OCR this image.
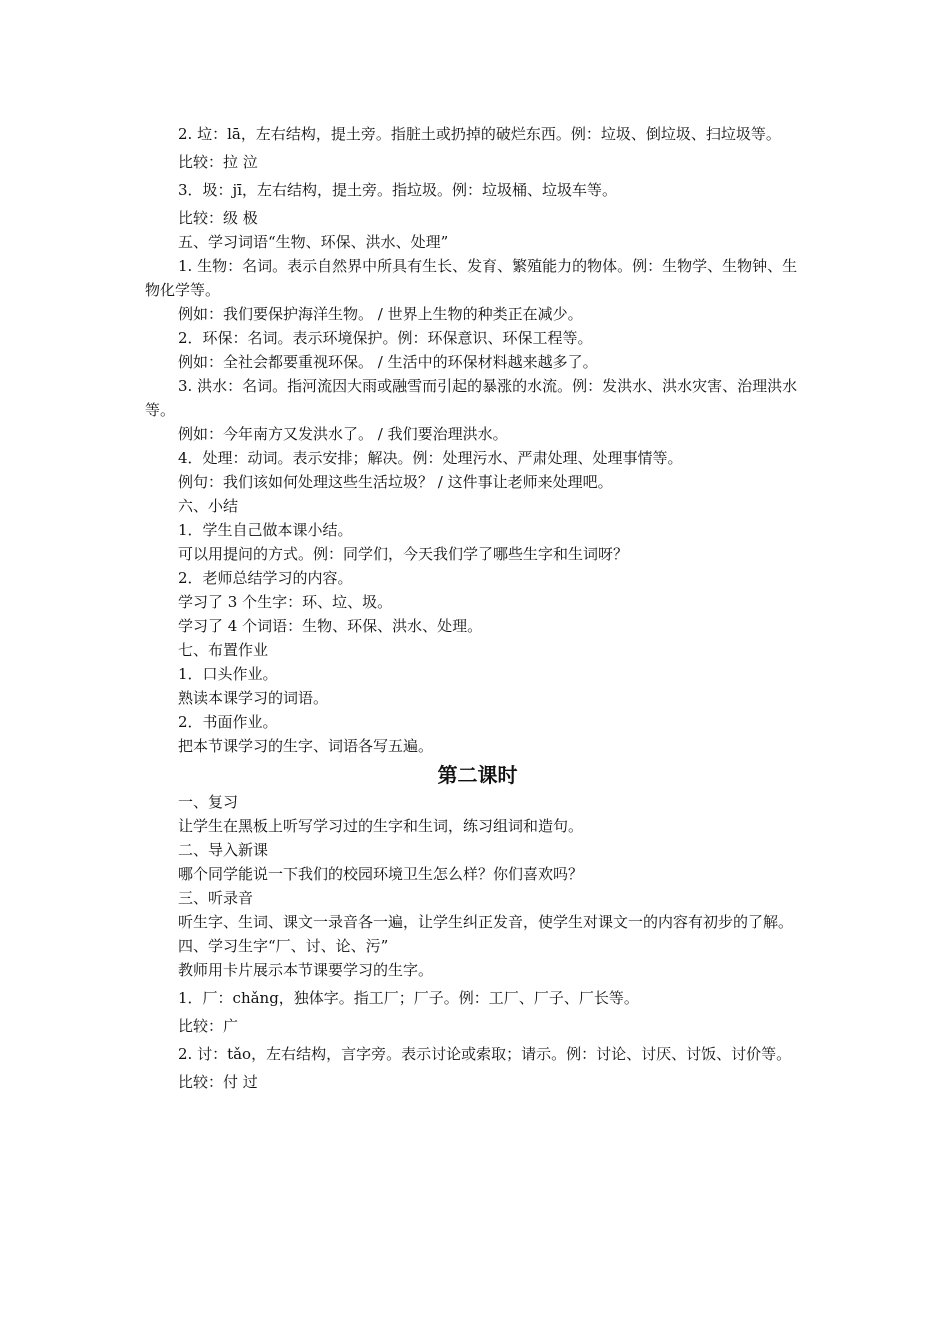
2. 垃：lā，左右结构，提土旁。指脏土或扔掉的破烂东西。例：垃圾、倒垃圾、扫垃圾等。

比较：拉 泣

3．圾：jī，左右结构，提土旁。指垃圾。例：垃圾桶、垃圾车等。

比较：级 极

五、学习词语“生物、环保、洪水、处理”

1. 生物：名词。表示自然界中所具有生长、发育、繁殖能力的物体。例：生物学、生物钟、生物化学等。

例如：我们要保护海洋生物。 / 世界上生物的种类正在减少。

2．环保：名词。表示环境保护。例：环保意识、环保工程等。

例如：全社会都要重视环保。 / 生活中的环保材料越来越多了。

3. 洪水：名词。指河流因大雨或融雪而引起的暴涨的水流。例：发洪水、洪水灾害、治理洪水等。

例如：今年南方又发洪水了。 / 我们要治理洪水。

4．处理：动词。表示安排；解决。例：处理污水、严肃处理、处理事情等。

例句：我们该如何处理这些生活垃圾？ / 这件事让老师来处理吧。

六、小结

1．学生自己做本课小结。

可以用提问的方式。例：同学们，今天我们学了哪些生字和生词呀？

2．老师总结学习的内容。

学习了 3 个生字：环、垃、圾。

学习了 4 个词语：生物、环保、洪水、处理。

七、布置作业

1．口头作业。

熟读本课学习的词语。

2．书面作业。

把本节课学习的生字、词语各写五遍。

第二课时

一、复习

让学生在黑板上听写学习过的生字和生词，练习组词和造句。

二、导入新课

哪个同学能说一下我们的校园环境卫生怎么样？你们喜欢吗？

三、听录音

听生字、生词、课文一录音各一遍，让学生纠正发音，使学生对课文一的内容有初步的了解。

四、学习生字“厂、讨、论、污”

教师用卡片展示本节课要学习的生字。

1．厂：chǎng，独体字。指工厂；厂子。例：工厂、厂子、厂长等。

比较：广

2. 讨：tǎo，左右结构，言字旁。表示讨论或索取；请示。例：讨论、讨厌、讨饭、讨价等。

比较：付 过
